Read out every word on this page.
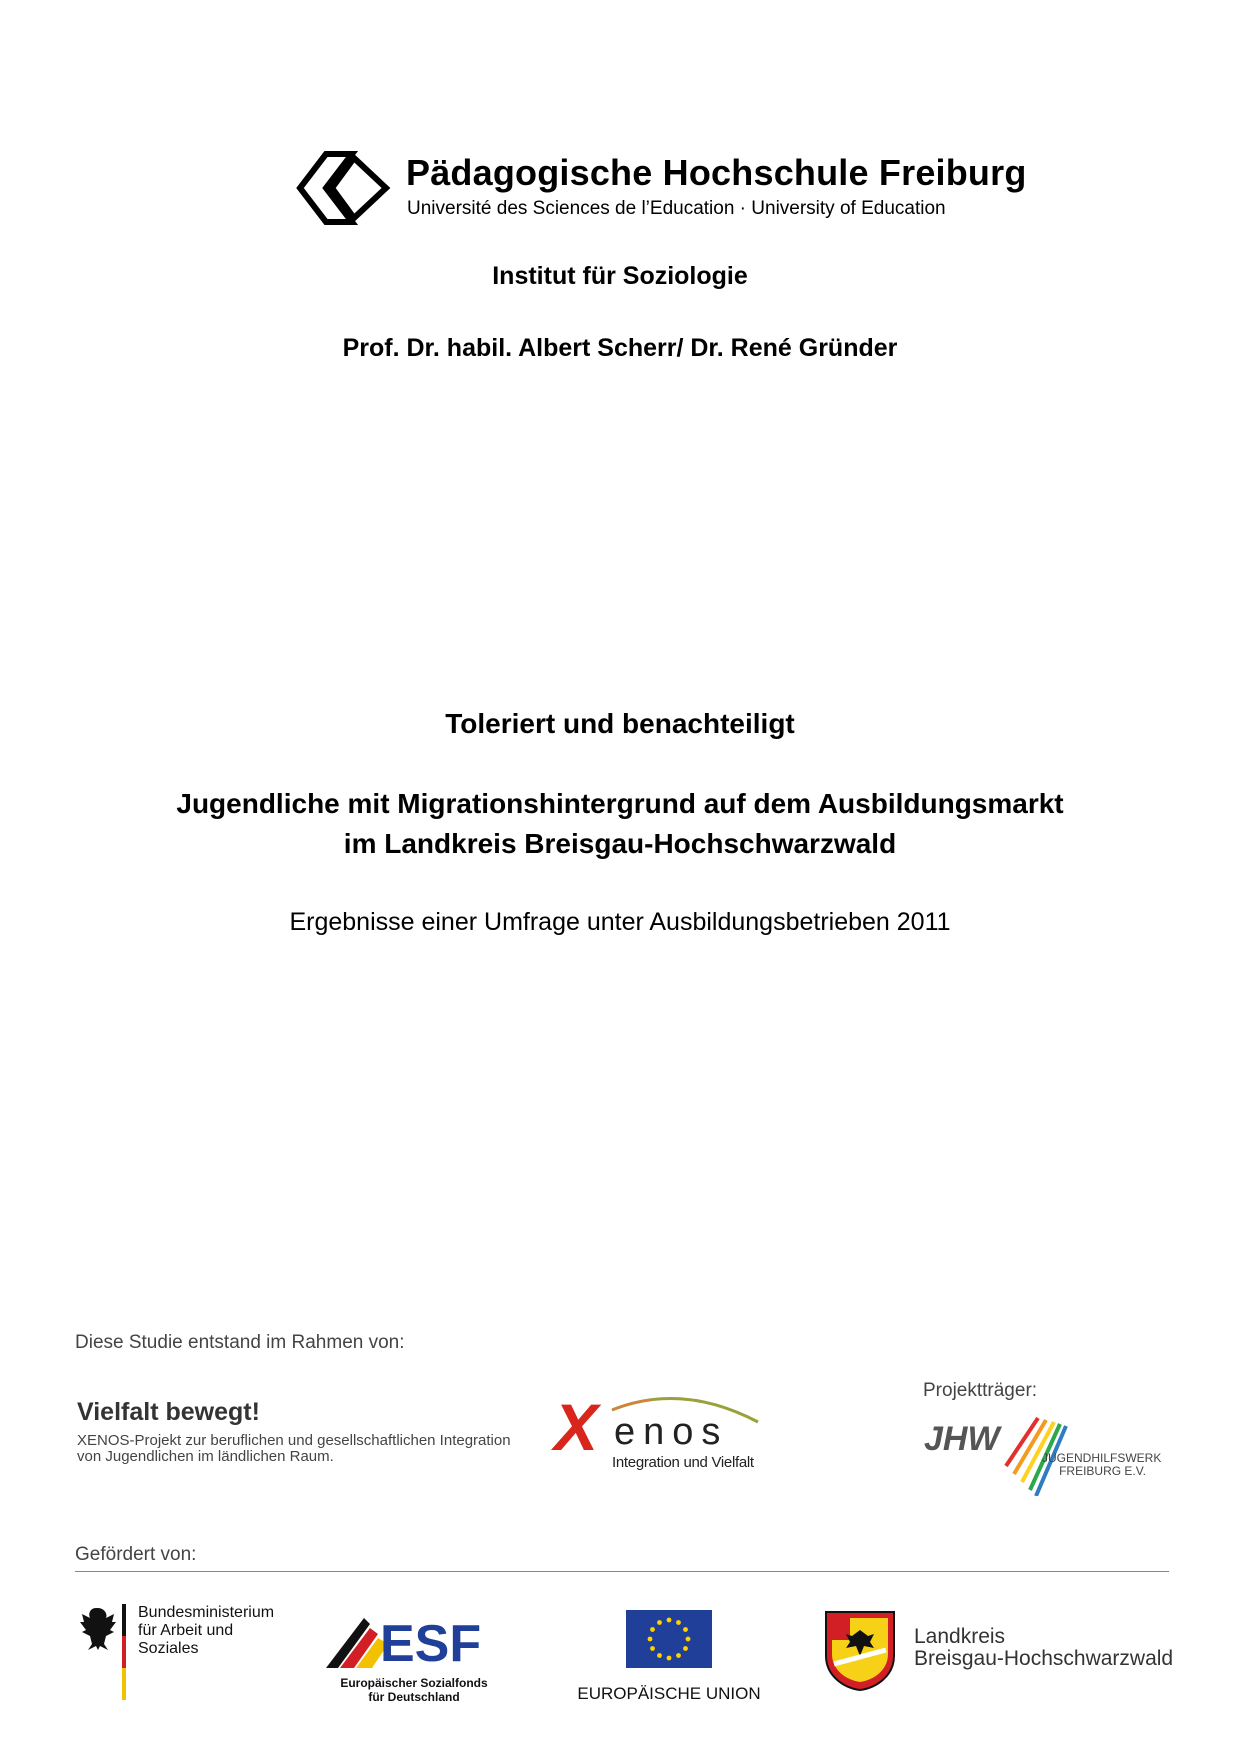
Pädagogische Hochschule Freiburg
Université des Sciences de l’Education · University of Education
Institut für Soziologie
Prof. Dr. habil. Albert Scherr/ Dr. René Gründer
Toleriert und benachteiligt
Jugendliche mit Migrationshintergrund auf dem Ausbildungsmarkt
im Landkreis Breisgau-Hochschwarzwald
Ergebnisse einer Umfrage unter Ausbildungsbetrieben 2011
Diese Studie entstand im Rahmen von:
Vielfalt bewegt!
XENOS-Projekt zur beruflichen und gesellschaftlichen Integration
von Jugendlichen im ländlichen Raum.	X enos
Integration und Vielfalt
Projektträger:
JHW	JUGENDHILFSWERK
FREIBURG E.V.
Gefördert von:
Bundesministerium
für Arbeit und Soziales	ESF
Europäischer Sozialfonds
für Deutschland	EUROPÄISCHE UNION
Landkreis
Breisgau-Hochschwarzwald
